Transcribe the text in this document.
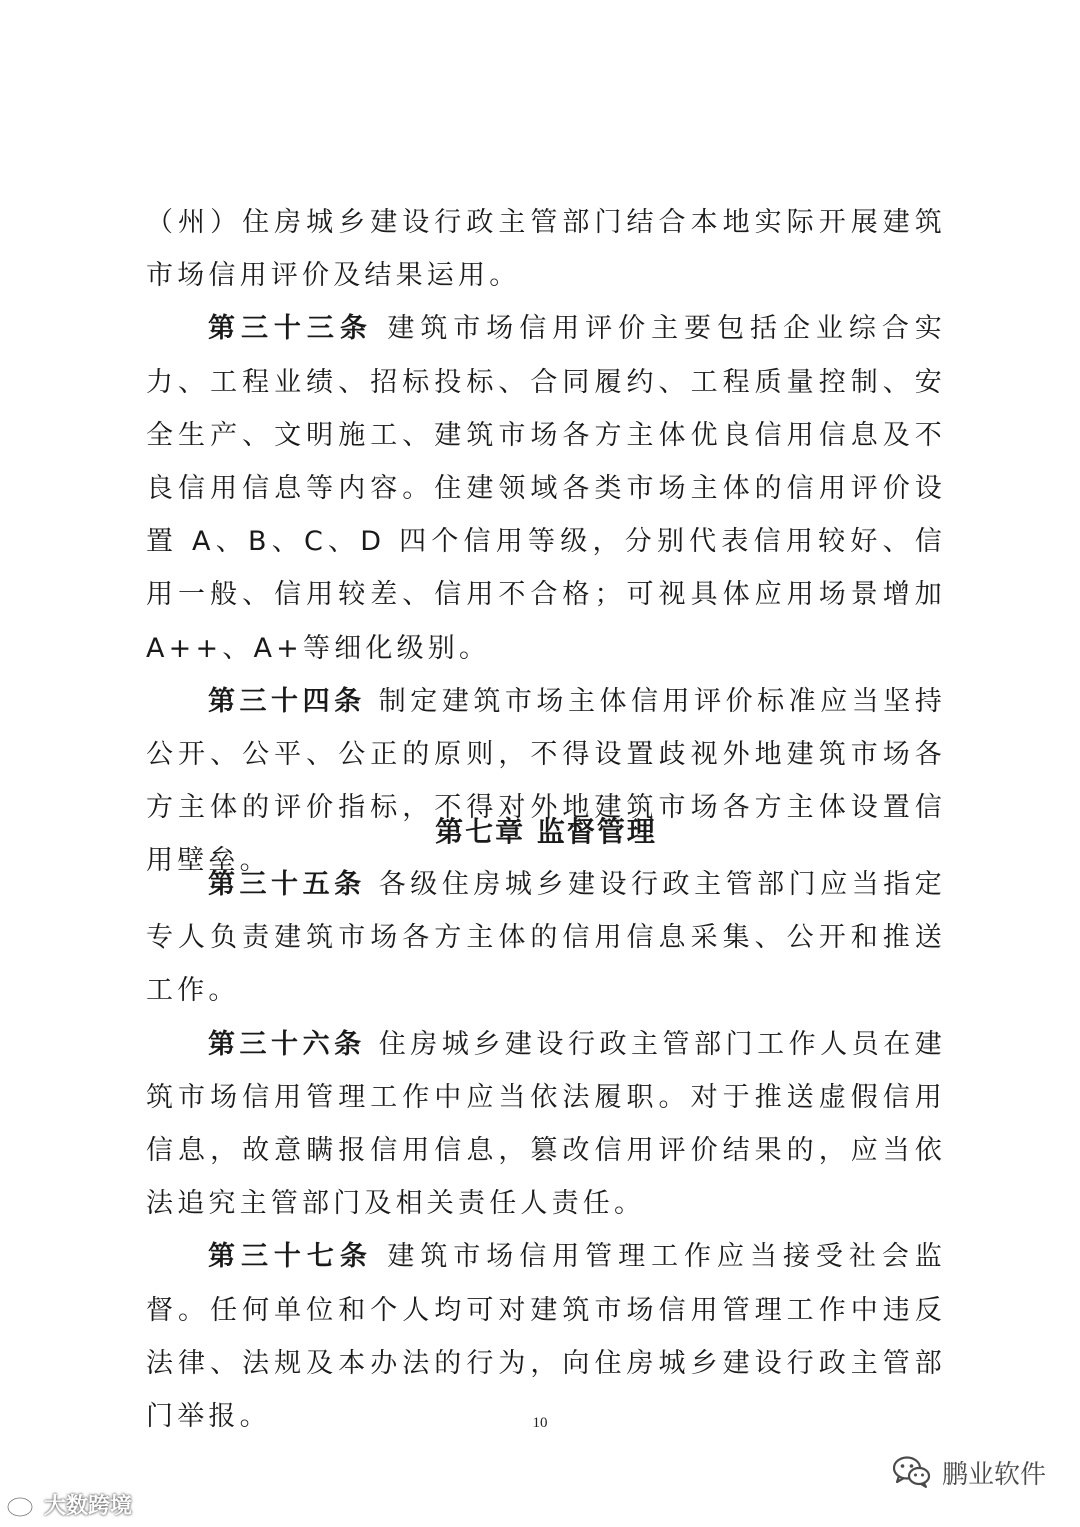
（州）住房城乡建设行政主管部门结合本地实际开展建筑市场信用评价及结果运用。

第三十三条 建筑市场信用评价主要包括企业综合实力、工程业绩、招标投标、合同履约、工程质量控制、安全生产、文明施工、建筑市场各方主体优良信用信息及不良信用信息等内容。住建领域各类市场主体的信用评价设置 A、B、C、D 四个信用等级，分别代表信用较好、信用一般、信用较差、信用不合格；可视具体应用场景增加 A++、A+等细化级别。

第三十四条 制定建筑市场主体信用评价标准应当坚持公开、公平、公正的原则，不得设置歧视外地建筑市场各方主体的评价指标，不得对外地建筑市场各方主体设置信用壁垒。

第七章 监督管理

第三十五条 各级住房城乡建设行政主管部门应当指定专人负责建筑市场各方主体的信用信息采集、公开和推送工作。

第三十六条 住房城乡建设行政主管部门工作人员在建筑市场信用管理工作中应当依法履职。对于推送虚假信用信息，故意瞒报信用信息，篡改信用评价结果的，应当依法追究主管部门及相关责任人责任。

第三十七条 建筑市场信用管理工作应当接受社会监督。任何单位和个人均可对建筑市场信用管理工作中违反法律、法规及本办法的行为，向住房城乡建设行政主管部门举报。	10
大数跨境
鹏业软件
